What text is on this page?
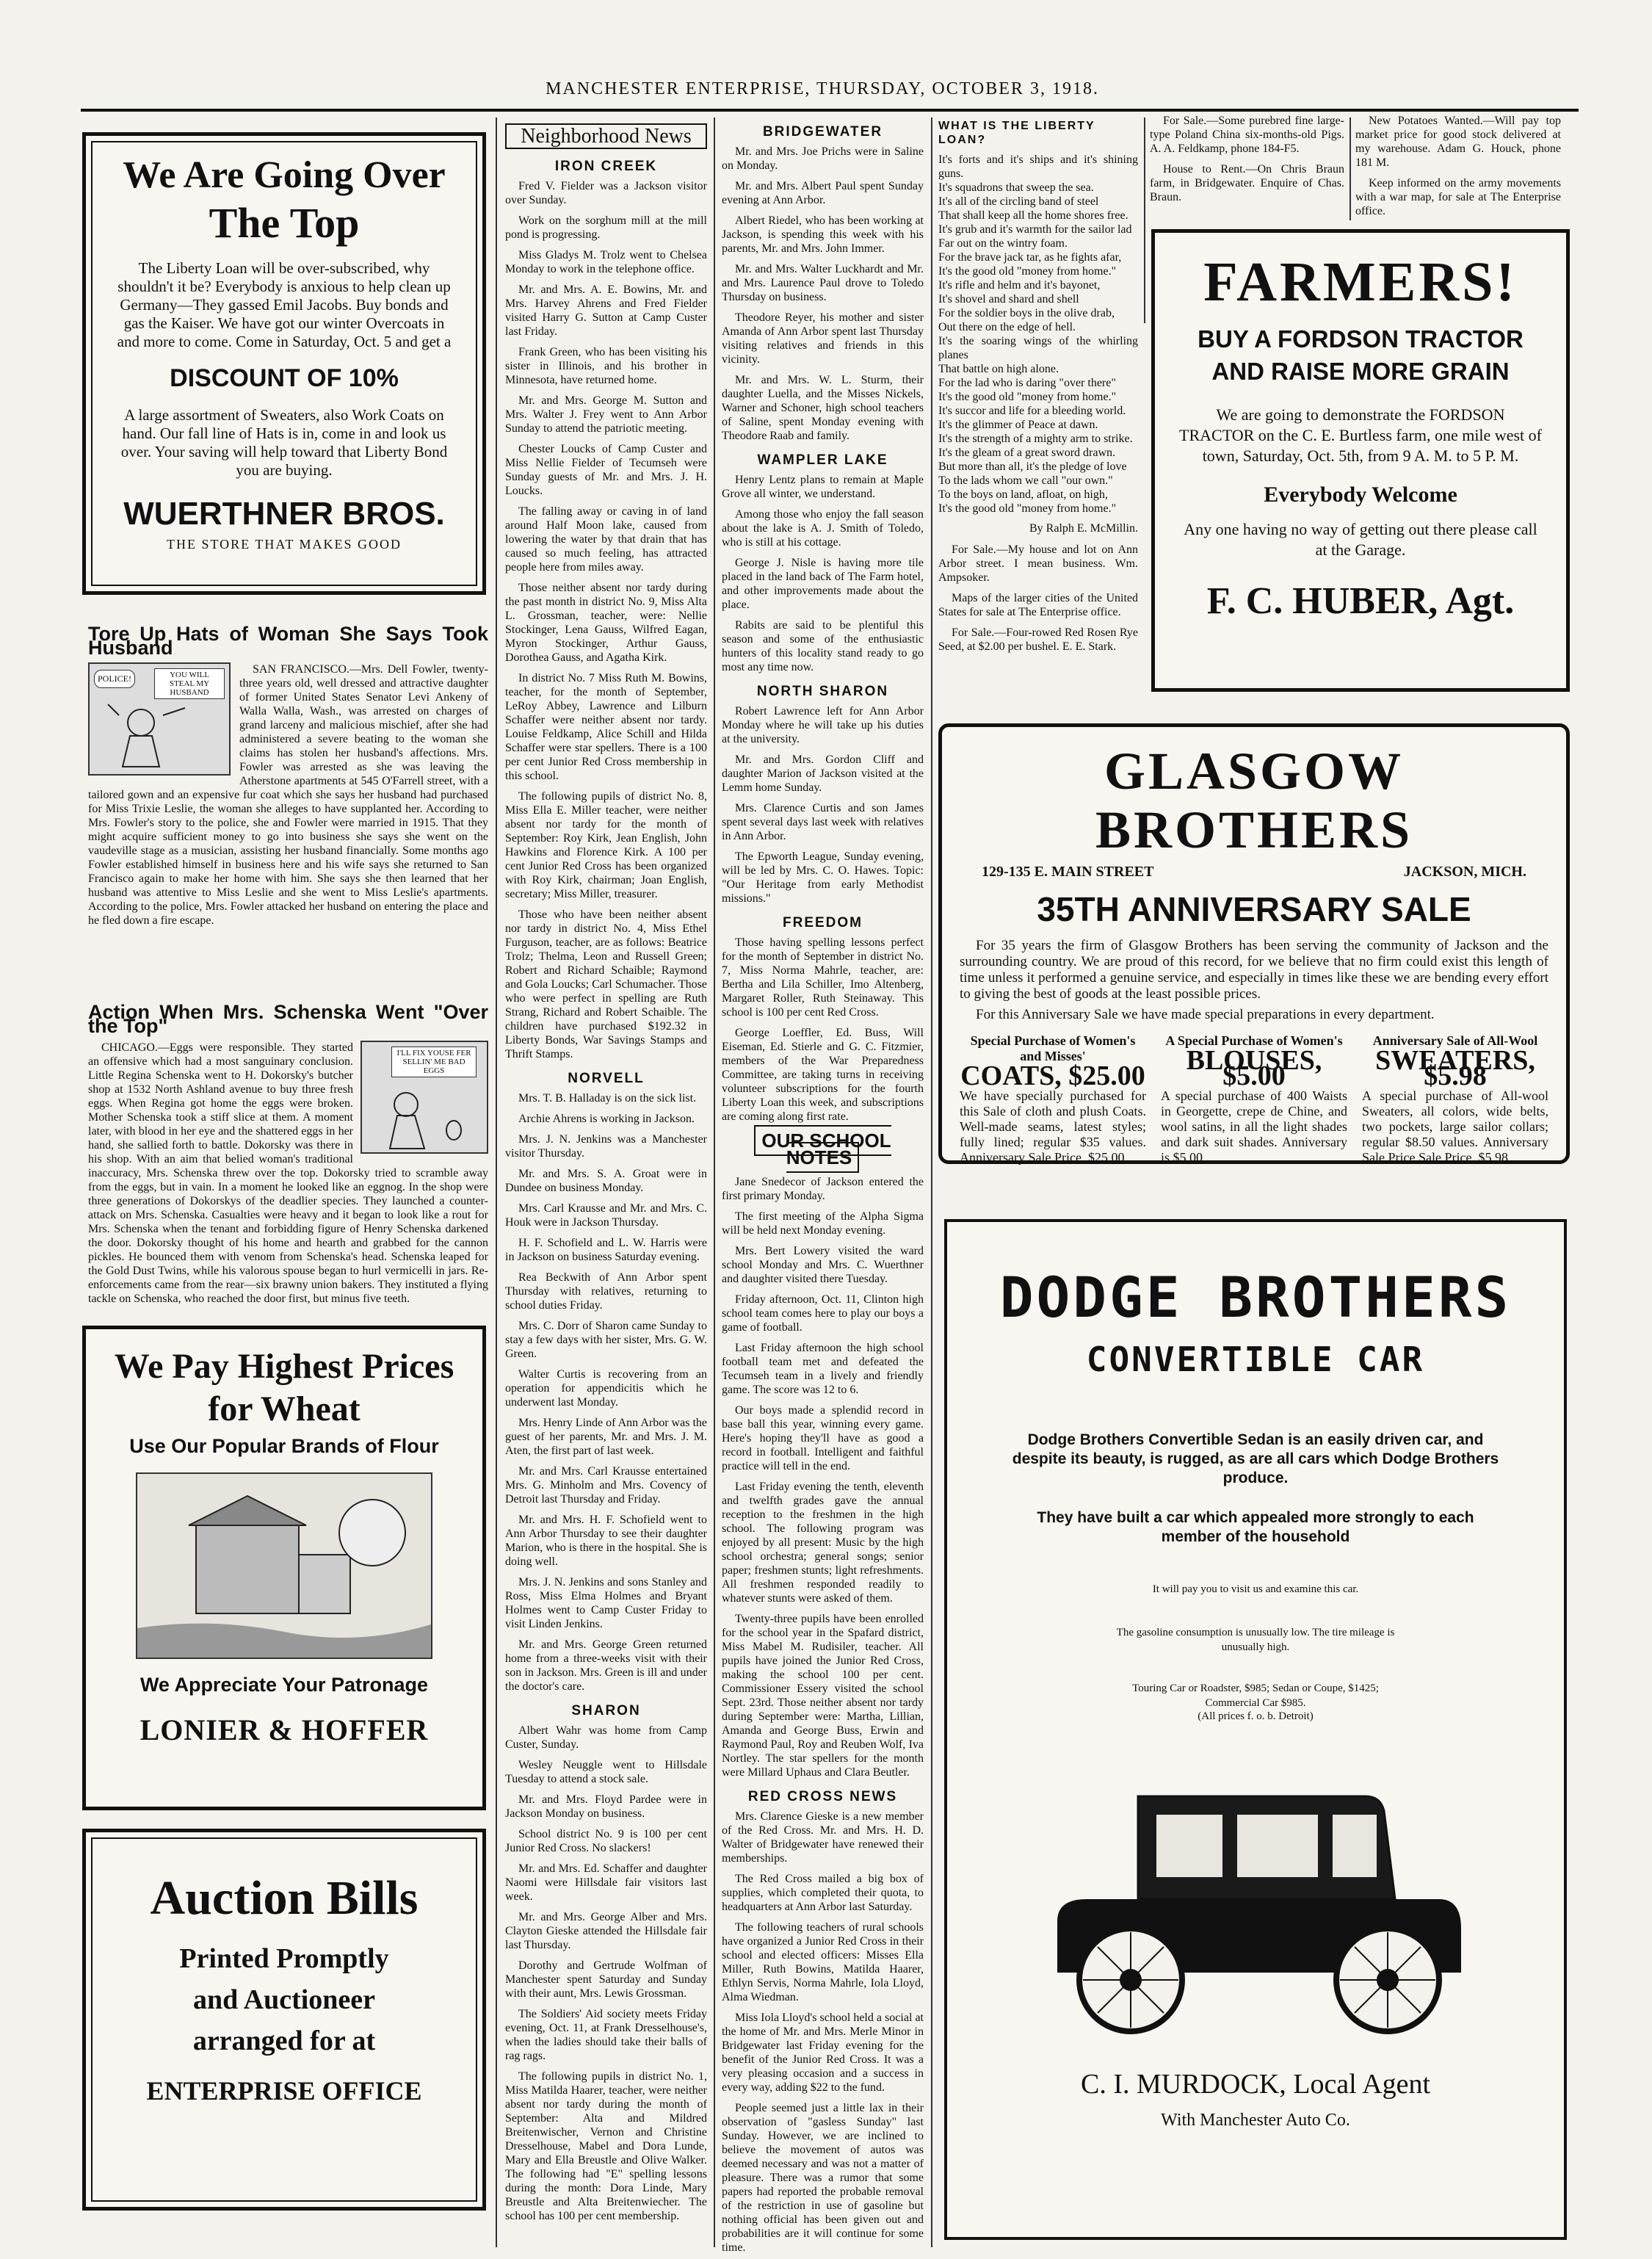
MANCHESTER ENTERPRISE, THURSDAY, OCTOBER 3, 1918.
We Are Going Over
The Top

The Liberty Loan will be over-subscribed, why shouldn't it be? Everybody is anxious to help clean up Germany—They gassed Emil Jacobs. Buy bonds and gas the Kaiser. We have got our winter Overcoats in and more to come. Come in Saturday, Oct. 5 and get a

DISCOUNT OF 10%

A large assortment of Sweaters, also Work Coats on hand. Our fall line of Hats is in, come in and look us over. Your saving will help toward that Liberty Bond you are buying.

WUERTHNER BROS.

THE STORE THAT MAKES GOOD

Tore Up Hats of Woman She Says Took Husband
POLICE!	YOU WILL STEAL MY HUSBAND

SAN FRANCISCO.—Mrs. Dell Fowler, twenty-three years old, well dressed and attractive daughter of former United States Senator Levi Ankeny of Walla Walla, Wash., was arrested on charges of grand larceny and malicious mischief, after she had administered a severe beating to the woman she claims has stolen her husband's affections. Mrs. Fowler was arrested as she was leaving the Atherstone apartments at 545 O'Farrell street, with a tailored gown and an expensive fur coat which she says her husband had purchased for Miss Trixie Leslie, the woman she alleges to have supplanted her. According to Mrs. Fowler's story to the police, she and Fowler were married in 1915. That they might acquire sufficient money to go into business she says she went on the vaudeville stage as a musician, assisting her husband financially. Some months ago Fowler established himself in business here and his wife says she returned to San Francisco again to make her home with him. She says she then learned that her husband was attentive to Miss Leslie and she went to Miss Leslie's apartments. According to the police, Mrs. Fowler attacked her husband on entering the place and he fled down a fire escape.

Action When Mrs. Schenska Went "Over the Top"
I'LL FIX YOUSE FER SELLIN' ME BAD EGGS

CHICAGO.—Eggs were responsible. They started an offensive which had a most sanguinary conclusion. Little Regina Schenska went to H. Dokorsky's butcher shop at 1532 North Ashland avenue to buy three fresh eggs. When Regina got home the eggs were broken. Mother Schenska took a stiff slice at them. A moment later, with blood in her eye and the shattered eggs in her hand, she sallied forth to battle. Dokorsky was there in his shop. With an aim that belied woman's traditional inaccuracy, Mrs. Schenska threw over the top. Dokorsky tried to scramble away from the eggs, but in vain. In a moment he looked like an eggnog. In the shop were three generations of Dokorskys of the deadlier species. They launched a counter-attack on Mrs. Schenska. Casualties were heavy and it began to look like a rout for Mrs. Schenska when the tenant and forbidding figure of Henry Schenska darkened the door. Dokorsky thought of his home and hearth and grabbed for the cannon pickles. He bounced them with venom from Schenska's head. Schenska leaped for the Gold Dust Twins, while his valorous spouse began to hurl vermicelli in jars. Re-enforcements came from the rear—six brawny union bakers. They instituted a flying tackle on Schenska, who reached the door first, but minus five teeth.

We Pay Highest Prices
for Wheat

Use Our Popular Brands of Flour

We Appreciate Your Patronage

LONIER & HOFFER

Auction Bills

Printed Promptly

and Auctioneer

arranged for at

ENTERPRISE OFFICE

Neighborhood News
IRON CREEK

Fred V. Fielder was a Jackson visitor over Sunday.

Work on the sorghum mill at the mill pond is progressing.

Miss Gladys M. Trolz went to Chelsea Monday to work in the telephone office.

Mr. and Mrs. A. E. Bowins, Mr. and Mrs. Harvey Ahrens and Fred Fielder visited Harry G. Sutton at Camp Custer last Friday.

Frank Green, who has been visiting his sister in Illinois, and his brother in Minnesota, have returned home.

Mr. and Mrs. George M. Sutton and Mrs. Walter J. Frey went to Ann Arbor Sunday to attend the patriotic meeting.

Chester Loucks of Camp Custer and Miss Nellie Fielder of Tecumseh were Sunday guests of Mr. and Mrs. J. H. Loucks.

The falling away or caving in of land around Half Moon lake, caused from lowering the water by that drain that has caused so much feeling, has attracted people here from miles away.

Those neither absent nor tardy during the past month in district No. 9, Miss Alta L. Grossman, teacher, were: Nellie Stockinger, Lena Gauss, Wilfred Eagan, Myron Stockinger, Arthur Gauss, Dorothea Gauss, and Agatha Kirk.

In district No. 7 Miss Ruth M. Bowins, teacher, for the month of September, LeRoy Abbey, Lawrence and Lilburn Schaffer were neither absent nor tardy. Louise Feldkamp, Alice Schill and Hilda Schaffer were star spellers. There is a 100 per cent Junior Red Cross membership in this school.

The following pupils of district No. 8, Miss Ella E. Miller teacher, were neither absent nor tardy for the month of September: Roy Kirk, Jean English, John Hawkins and Florence Kirk. A 100 per cent Junior Red Cross has been organized with Roy Kirk, chairman; Joan English, secretary; Miss Miller, treasurer.

Those who have been neither absent nor tardy in district No. 4, Miss Ethel Furguson, teacher, are as follows: Beatrice Trolz; Thelma, Leon and Russell Green; Robert and Richard Schaible; Raymond and Gola Loucks; Carl Schumacher. Those who were perfect in spelling are Ruth Strang, Richard and Robert Schaible. The children have purchased $192.32 in Liberty Bonds, War Savings Stamps and Thrift Stamps.

NORVELL

Mrs. T. B. Halladay is on the sick list.

Archie Ahrens is working in Jackson.

Mrs. J. N. Jenkins was a Manchester visitor Thursday.

Mr. and Mrs. S. A. Groat were in Dundee on business Monday.

Mrs. Carl Krausse and Mr. and Mrs. C. Houk were in Jackson Thursday.

H. F. Schofield and L. W. Harris were in Jackson on business Saturday evening.

Rea Beckwith of Ann Arbor spent Thursday with relatives, returning to school duties Friday.

Mrs. C. Dorr of Sharon came Sunday to stay a few days with her sister, Mrs. G. W. Green.

Walter Curtis is recovering from an operation for appendicitis which he underwent last Monday.

Mrs. Henry Linde of Ann Arbor was the guest of her parents, Mr. and Mrs. J. M. Aten, the first part of last week.

Mr. and Mrs. Carl Krausse entertained Mrs. G. Minholm and Mrs. Covency of Detroit last Thursday and Friday.

Mr. and Mrs. H. F. Schofield went to Ann Arbor Thursday to see their daughter Marion, who is there in the hospital. She is doing well.

Mrs. J. N. Jenkins and sons Stanley and Ross, Miss Elma Holmes and Bryant Holmes went to Camp Custer Friday to visit Linden Jenkins.

Mr. and Mrs. George Green returned home from a three-weeks visit with their son in Jackson. Mrs. Green is ill and under the doctor's care.

SHARON

Albert Wahr was home from Camp Custer, Sunday.

Wesley Neuggle went to Hillsdale Tuesday to attend a stock sale.

Mr. and Mrs. Floyd Pardee were in Jackson Monday on business.

School district No. 9 is 100 per cent Junior Red Cross. No slackers!

Mr. and Mrs. Ed. Schaffer and daughter Naomi were Hillsdale fair visitors last week.

Mr. and Mrs. George Alber and Mrs. Clayton Gieske attended the Hillsdale fair last Thursday.

Dorothy and Gertrude Wolfman of Manchester spent Saturday and Sunday with their aunt, Mrs. Lewis Grossman.

The Soldiers' Aid society meets Friday evening, Oct. 11, at Frank Dresselhouse's, when the ladies should take their balls of rag rags.

The following pupils in district No. 1, Miss Matilda Haarer, teacher, were neither absent nor tardy during the month of September: Alta and Mildred Breitenwischer, Vernon and Christine Dresselhouse, Mabel and Dora Lunde, Mary and Ella Breustle and Olive Walker. The following had "E" spelling lessons during the month: Dora Linde, Mary Breustle and Alta Breitenwiecher. The school has 100 per cent membership.

BRIDGEWATER

Mr. and Mrs. Joe Prichs were in Saline on Monday.

Mr. and Mrs. Albert Paul spent Sunday evening at Ann Arbor.

Albert Riedel, who has been working at Jackson, is spending this week with his parents, Mr. and Mrs. John Immer.

Mr. and Mrs. Walter Luckhardt and Mr. and Mrs. Laurence Paul drove to Toledo Thursday on business.

Theodore Reyer, his mother and sister Amanda of Ann Arbor spent last Thursday visiting relatives and friends in this vicinity.

Mr. and Mrs. W. L. Sturm, their daughter Luella, and the Misses Nickels, Warner and Schoner, high school teachers of Saline, spent Monday evening with Theodore Raab and family.

WAMPLER LAKE

Henry Lentz plans to remain at Maple Grove all winter, we understand.

Among those who enjoy the fall season about the lake is A. J. Smith of Toledo, who is still at his cottage.

George J. Nisle is having more tile placed in the land back of The Farm hotel, and other improvements made about the place.

Rabits are said to be plentiful this season and some of the enthusiastic hunters of this locality stand ready to go most any time now.

NORTH SHARON

Robert Lawrence left for Ann Arbor Monday where he will take up his duties at the university.

Mr. and Mrs. Gordon Cliff and daughter Marion of Jackson visited at the Lemm home Sunday.

Mrs. Clarence Curtis and son James spent several days last week with relatives in Ann Arbor.

The Epworth League, Sunday evening, will be led by Mrs. C. O. Hawes. Topic: "Our Heritage from early Methodist missions."

FREEDOM

Those having spelling lessons perfect for the month of September in district No. 7, Miss Norma Mahrle, teacher, are: Bertha and Lila Schiller, Imo Altenberg, Margaret Roller, Ruth Steinaway. This school is 100 per cent Red Cross.

George Loeffler, Ed. Buss, Will Eiseman, Ed. Stierle and G. C. Fitzmier, members of the War Preparedness Committee, are taking turns in receiving volunteer subscriptions for the fourth Liberty Loan this week, and subscriptions are coming along first rate.

OUR SCHOOL NOTES

Jane Snedecor of Jackson entered the first primary Monday.

The first meeting of the Alpha Sigma will be held next Monday evening.

Mrs. Bert Lowery visited the ward school Monday and Mrs. C. Wuerthner and daughter visited there Tuesday.

Friday afternoon, Oct. 11, Clinton high school team comes here to play our boys a game of football.

Last Friday afternoon the high school football team met and defeated the Tecumseh team in a lively and friendly game. The score was 12 to 6.

Our boys made a splendid record in base ball this year, winning every game. Here's hoping they'll have as good a record in football. Intelligent and faithful practice will tell in the end.

Last Friday evening the tenth, eleventh and twelfth grades gave the annual reception to the freshmen in the high school. The following program was enjoyed by all present: Music by the high school orchestra; general songs; senior paper; freshmen stunts; light refreshments. All freshmen responded readily to whatever stunts were asked of them.

Twenty-three pupils have been enrolled for the school year in the Spafard district, Miss Mabel M. Rudisiler, teacher. All pupils have joined the Junior Red Cross, making the school 100 per cent. Commissioner Essery visited the school Sept. 23rd. Those neither absent nor tardy during September were: Martha, Lillian, Amanda and George Buss, Erwin and Raymond Paul, Roy and Reuben Wolf, Iva Nortley. The star spellers for the month were Millard Uphaus and Clara Beutler.

RED CROSS NEWS

Mrs. Clarence Gieske is a new member of the Red Cross. Mr. and Mrs. H. D. Walter of Bridgewater have renewed their memberships.

The Red Cross mailed a big box of supplies, which completed their quota, to headquarters at Ann Arbor last Saturday.

The following teachers of rural schools have organized a Junior Red Cross in their school and elected officers: Misses Ella Miller, Ruth Bowins, Matilda Haarer, Ethlyn Servis, Norma Mahrle, Iola Lloyd, Alma Wiedman.

Miss Iola Lloyd's school held a social at the home of Mr. and Mrs. Merle Minor in Bridgewater last Friday evening for the benefit of the Junior Red Cross. It was a very pleasing occasion and a success in every way, adding $22 to the fund.

People seemed just a little lax in their observation of "gasless Sunday" last Sunday. However, we are inclined to believe the movement of autos was deemed necessary and was not a matter of pleasure. There was a rumor that some papers had reported the probable removal of the restriction in use of gasoline but nothing official has been given out and probabilities are it will continue for some time.

WHAT IS THE LIBERTY LOAN?

It's forts and it's ships and it's shining guns.

It's squadrons that sweep the sea.

It's all of the circling band of steel

That shall keep all the home shores free.

It's grub and it's warmth for the sailor lad

Far out on the wintry foam.

For the brave jack tar, as he fights afar,

It's the good old "money from home."

It's rifle and helm and it's bayonet,

It's shovel and shard and shell

For the soldier boys in the olive drab,

Out there on the edge of hell.

It's the soaring wings of the whirling planes

That battle on high alone.

For the lad who is daring "over there"

It's the good old "money from home."

It's succor and life for a bleeding world.

It's the glimmer of Peace at dawn.

It's the strength of a mighty arm to strike.

It's the gleam of a great sword drawn.

But more than all, it's the pledge of love

To the lads whom we call "our own."

To the boys on land, afloat, on high,

It's the good old "money from home."

By Ralph E. McMillin.

For Sale.—My house and lot on Ann Arbor street. I mean business. Wm. Ampsoker.

Maps of the larger cities of the United States for sale at The Enterprise office.

For Sale.—Four-rowed Red Rosen Rye Seed, at $2.00 per bushel. E. E. Stark.

For Sale.—Some purebred fine large-type Poland China six-months-old Pigs. A. A. Feldkamp, phone 184-F5.

House to Rent.—On Chris Braun farm, in Bridgewater. Enquire of Chas. Braun.

New Potatoes Wanted.—Will pay top market price for good stock delivered at my warehouse. Adam G. Houck, phone 181 M.

Keep informed on the army movements with a war map, for sale at The Enterprise office.

FARMERS!

BUY A FORDSON TRACTOR

AND RAISE MORE GRAIN

We are going to demonstrate the FORDSON TRACTOR on the C. E. Burtless farm, one mile west of town, Saturday, Oct. 5th, from 9 A. M. to 5 P. M.

Everybody Welcome

Any one having no way of getting out there please call at the Garage.

F. C. HUBER, Agt.

GLASGOW BROTHERS
129-135 E. MAIN STREET	JACKSON, MICH.

35TH ANNIVERSARY SALE

For 35 years the firm of Glasgow Brothers has been serving the community of Jackson and the surrounding country. We are proud of this record, for we believe that no firm could exist this length of time unless it performed a genuine service, and especially in times like these we are bending every effort to giving the best of goods at the least possible prices.

For this Anniversary Sale we have made special preparations in every department.

Special Purchase of Women's and Misses'
COATS, $25.00
We have specially purchased for this Sale of cloth and plush Coats. Well-made seams, latest styles; fully lined; regular $35 values. Anniversary Sale Price, $25.00.
A Special Purchase of Women's
BLOUSES, $5.00
A special purchase of 400 Waists in Georgette, crepe de Chine, and wool satins, in all the light shades and dark suit shades. Anniversary is $5.00.
Anniversary Sale of All-Wool
SWEATERS, $5.98
A special purchase of All-wool Sweaters, all colors, wide belts, two pockets, large sailor collars; regular $8.50 values. Anniversary Sale Price Sale Price, $5.98.
DODGE BROTHERS

CONVERTIBLE CAR

Dodge Brothers Convertible Sedan is an easily driven car, and despite its beauty, is rugged, as are all cars which Dodge Brothers produce.

They have built a car which appealed more strongly to each member of the household

It will pay you to visit us and examine this car.

The gasoline consumption is unusually low. The tire mileage is unusually high.

Touring Car or Roadster, $985; Sedan or Coupe, $1425; Commercial Car $985.

(All prices f. o. b. Detroit)

C. I. MURDOCK, Local Agent

With Manchester Auto Co.
